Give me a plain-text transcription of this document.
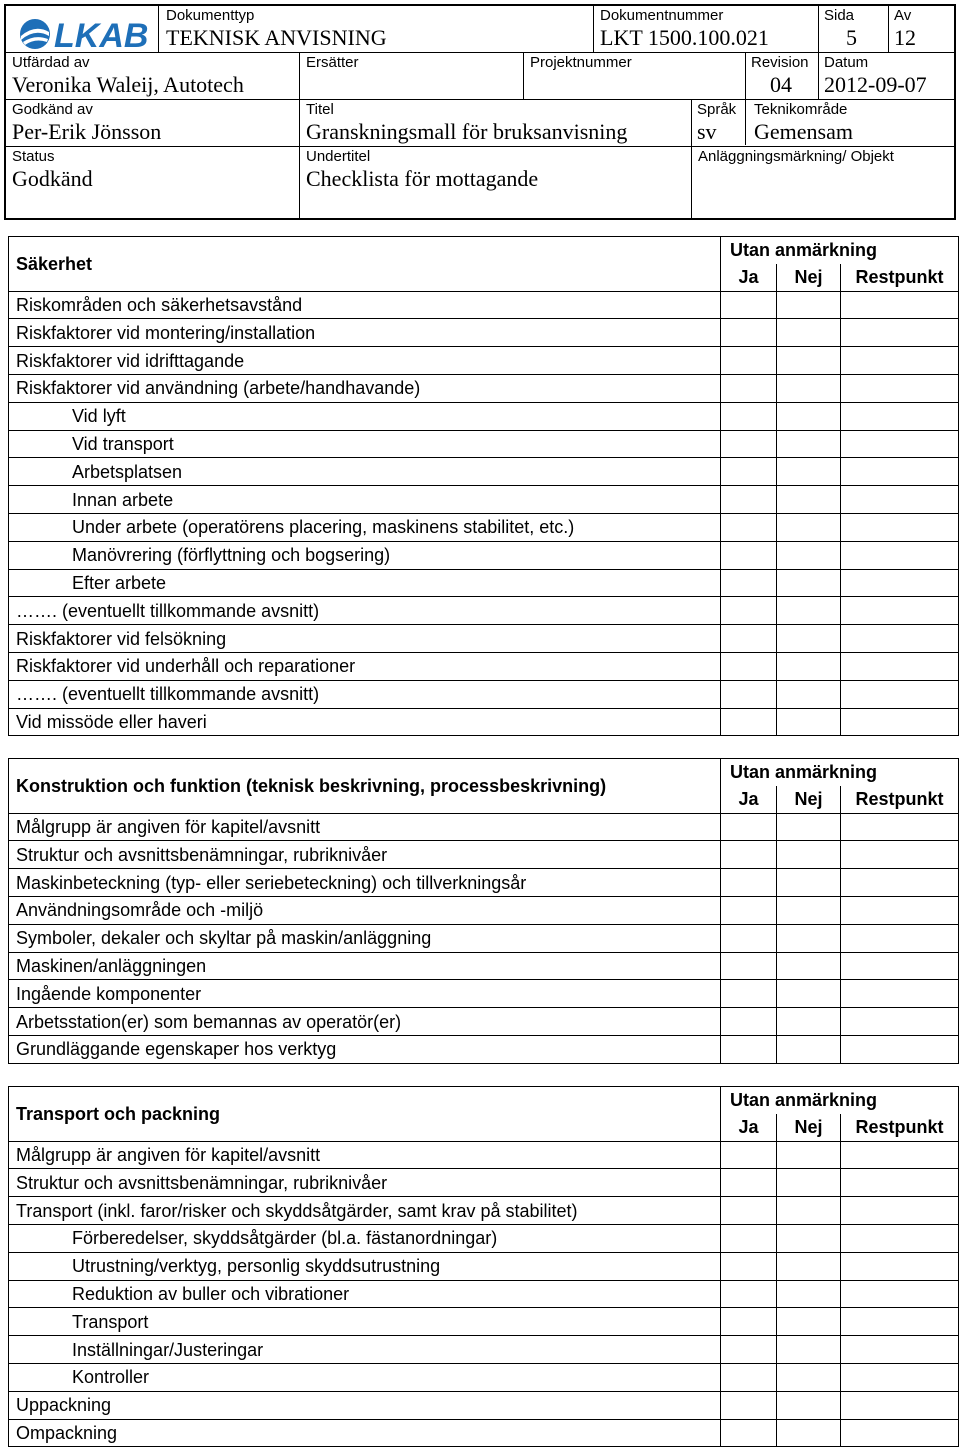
LKAB
Dokumenttyp
TEKNISK ANVISNING
Dokumentnummer
LKT 1500.100.021
Sida
5
Av
12
Utfärdad av
Veronika Waleij, Autotech
Ersätter	Projektnummer	Revision
04
Datum
2012-09-07
Godkänd av
Per-Erik Jönsson
Titel
Granskningsmall för bruksanvisning
Språk
sv
Teknikområde
Gemensam
Status
Godkänd
Undertitel
Checklista för mottagande
Anläggningsmärkning/ Objekt
Säkerhet	Utan anmärkning		
	Ja	Nej	Restpunkt
Riskområden och säkerhetsavstånd			
Riskfaktorer vid montering/installation			
Riskfaktorer vid idrifttagande			
Riskfaktorer vid användning (arbete/handhavande)			
Vid lyft			
Vid transport			
Arbetsplatsen			
Innan arbete			
Under arbete (operatörens placering, maskinens stabilitet, etc.)			
Manövrering (förflyttning och bogsering)			
Efter arbete			
……. (eventuellt tillkommande avsnitt)			
Riskfaktorer vid felsökning			
Riskfaktorer vid underhåll och reparationer			
……. (eventuellt tillkommande avsnitt)			
Vid missöde eller haveri			
Konstruktion och funktion (teknisk beskrivning, processbeskrivning)	Utan anmärkning		
	Ja	Nej	Restpunkt
Målgrupp är angiven för kapitel/avsnitt			
Struktur och avsnittsbenämningar, rubriknivåer			
Maskinbeteckning (typ- eller seriebeteckning) och tillverkningsår			
Användningsområde och -miljö			
Symboler, dekaler och skyltar på maskin/anläggning			
Maskinen/anläggningen			
Ingående komponenter			
Arbetsstation(er) som bemannas av operatör(er)			
Grundläggande egenskaper hos verktyg			
Transport och packning	Utan anmärkning		
	Ja	Nej	Restpunkt
Målgrupp är angiven för kapitel/avsnitt			
Struktur och avsnittsbenämningar, rubriknivåer			
Transport (inkl. faror/risker och skyddsåtgärder, samt krav på stabilitet)			
Förberedelser, skyddsåtgärder (bl.a. fästanordningar)			
Utrustning/verktyg, personlig skyddsutrustning			
Reduktion av buller och vibrationer			
Transport			
Inställningar/Justeringar			
Kontroller			
Uppackning			
Ompackning			
